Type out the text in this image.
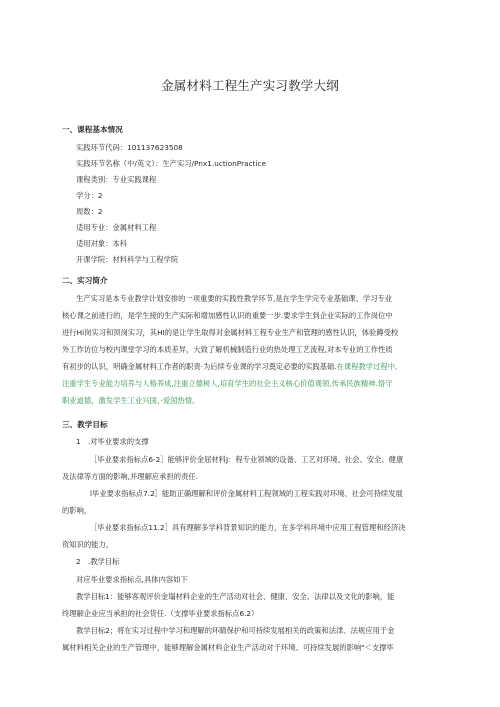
金属材料工程生产实习教学大纲
一、课程基本情况
实践环节代码：101137623508
实践环节名称（中/英文）：生产实习/Pnx1.uctionPractice
课程类别：专业实践课程
学分：2
周数：2
适用专业：金属材料工程
适用对象：本科
开课学院：材料科学与工程学院
二、实习简介
生产实习是本专业教学计划安排的一项重要的实践性教学环节,是在学生学完专业基础课、学习专业
核心课之前进行的，是学生接的生产实际和增加感性认识的重要一步.要求学生到企业实际的工作岗位中
进行Hi岗实习和顶岗实习，其HI的是让学生取得对金属材料工程专业生产和管理的感性认识，体验蹲受校
外工作访位与校内课堂学习的本质差异，大致了解机械制造行业的热处理工艺流程,对本专业的工作性质
有初步的认识，明确金属材料工作者的职责·为后续专业课的学习奠定必要的实践基础.在课程教学过程中,
注重学生专业能力培养与人格养成,注重立德树人,培育学生的社会主义核心价值观领,传承民族精神.恪守
职业道德，激发学生工业兴国、·爱国热情。
三、教学目标
1　.对毕业要求的支撑
［毕业要求指标点6-2］能够评价金屈材料J：程专业领域的设备、工艺对环境、社会、安全、健康
及法律等方面的影响,并理解应承担的责任.
l毕业要求指标点7.2］能助正确理解和评价金属材料工程领域的工程实践对环境、社会可持续发展
的影响，
［毕业要求指标点11.2］具有理解多学科背景知识的能力，在多学科环境中应用工程管理和经济决
资知识的能力，
2　.教学目标
对应毕业要求指标点,具体内容如下
教学目标1：能够客观评价金塌材料企业的生产活动对社会、健康、安全、法律以及文化的影响，能
终理解企业应当承担的社会货任.（支撑毕业要求指标点6.2）
教学目标2；将在实习过程中学习和理解的环睛保护和可持续发展相关的政策和法津、法规应用于金
属材料相关企业的生产管理中，能够理解金属材料企业生产活动对于环境、可持续发展的影响"＜支撑毕
